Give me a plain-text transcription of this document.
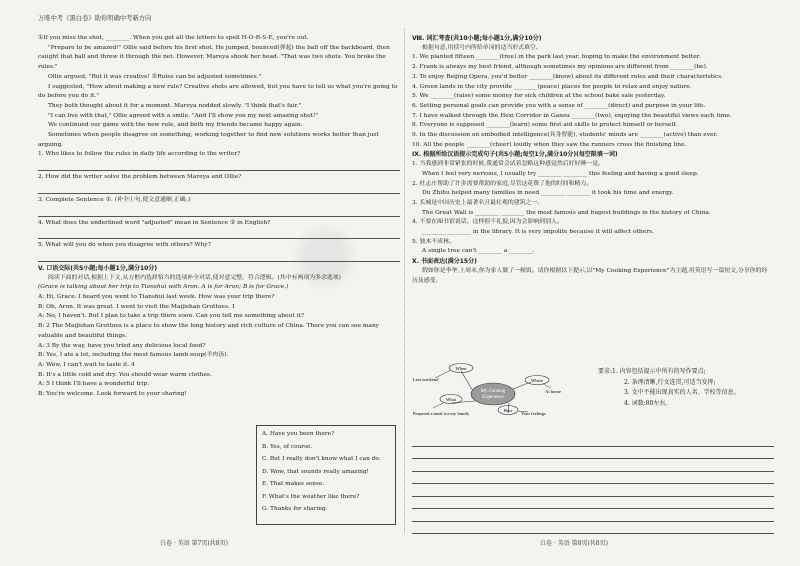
万唯中考《黑白卷》助你明确中考新方向

①If you miss the shot, ________. When you get all the letters to spell H-O-R-S-E, you're out.

"Prepare to be amazed!" Ollie said before his first shot. He jumped, bounced(弹起) the ball off the backboard, then caught that ball and threw it through the net. However, Mareya shook her head. "That was two shots. You broke the rules."

Ollie argued, "But it was creative! ②Rules can be adjusted sometimes."

I suggested, "How about making a new rule? Creative shots are allowed, but you have to tell us what you're going to do before you do it."

They both thought about it for a moment. Mareya nodded slowly. "I think that's fair."

"I can live with that," Ollie agreed with a smile. "And I'll show you my next amazing shot!"

We continued our game with the new rule, and both my friends became happy again.

Sometimes when people disagree on something, working together to find new solutions works better than just arguing.

1. Who likes to follow the rules in daily life according to the writer?

2. How did the writer solve the problem between Mareya and Ollie?

3. Complete Sentence ①. (补全①句,使文意通顺,正确。)

4. What does the underlined word "adjusted" mean in Sentence ② in English?

5. What will you do when you disagree with others? Why?

V. 口语交际(共5小题;每小题1分,满分10分)

阅读下面的对话,根据上下文,从方框内选择恰当的选项补全对话,使对意完整、符合逻辑。(其中有两项为多余选项)

(Grace is talking about her trip to Tianshui with Aron. A is for Aron; B is for Grace.)

A: Hi, Grace. I heard you went to Tianshui last week. How was your trip there?

B: Oh, Aron. It was great. I went to visit the Maijishan Grottoes. 1

A: No, I haven't. But I plan to take a trip there soon. Can you tell me something about it?

B: 2 The Maijishan Grottoes is a place to show the long history and rich culture of China. There you can see many valuable and beautiful things.

A: 3 By the way, have you tried any delicious local food?

B: Yes, I ate a lot, including the most famous lamb soup(羊肉汤).

A: Wow, I can't wait to taste it. 4

B: It's a little cold and dry. You should wear warm clothes.

A: 5 I think I'll have a wonderful trip.

B: You're welcome. Look forward to your sharing!

A. Have you been there?
B. Yes, of course.
C. But I really don't know what I can do.
D. Wow, that sounds really amazing!
E. That makes sense.
F. What's the weather like there?
G. Thanks for sharing.
白卷 · 英语 第7页(共8页)

Ⅷ. 词汇考查(共10小题;每小题1分,满分10分)

根据句意,用括号内所给单词的适当形式填空。

1. We planted fifteen ________(tree) in the park last year, hoping to make the environment better.

2. Frank is always my best friend, although sometimes my opinions are different from ________(he).

3. To enjoy Beijing Opera, you'd better ________(know) about its different roles and their characteristics.

4. Green lands in the city provide ________(peace) places for people to relax and enjoy nature.

5. We ________(raise) some money for sick children at the school bake sale yesterday.

6. Setting personal goals can provide you with a sense of ________(direct) and purpose in your life.

7. I have walked through the Hexi Corridor in Gansu ________(two), enjoying the beautiful views each time.

8. Everyone is supposed ________(learn) some first aid skills to protect himself or herself.

9. In the discussion on embodied intelligence(具身智能), students' minds are ________(active) than ever.

10. All the people ________(cheer) loudly when they saw the runners cross the finishing line.

IX. 根据所给汉语提示完成句子(共5小题;每空1分,满分10分)(每空限填一词)

1. 当我感到非常紧张的时候,我通常会试着忽略这种感觉然后好好睡一觉。

When I feel very nervous, I usually try ________ ________ this feeling and having a good sleep.

2. 杜志庄帮助了许多需要帮助的家庭,尽管这花费了他的时间和精力。

Du Zhihu helped many families in need ________ ________ it took his time and energy.

3. 长城是中国历史上最著名且最壮观的建筑之一。

The Great Wall is ________ ________ the most famous and hugest buildings in the history of China.

4. 不要在图书馆说话。这样很不礼貌,因为会影响到别人。

________ ________ in the library. It is very impolite because it will affect others.

5. 独木不成林。

A single tree can't ________ a ________.

X. 书面表达(满分15分)

假如你是李华,上周末,你为家人做了一顿饭。请你根据以下提示,以"My Cooking Experience"为主题,用英语写一篇短文,分享你的经历及感受。

My Cooking
Experience
When
Where
What
How
Last weekend
At home
Prepared a meal for my family	Your feelings
要求:1. 内容包括提示中所有的写作要点;
2. 条理清晰,行文连贯,可适当发挥;
3. 文中不能出现真实的人名、学校等信息。
4. 词数:80左右。
白卷 · 英语 第8页(共8页)
